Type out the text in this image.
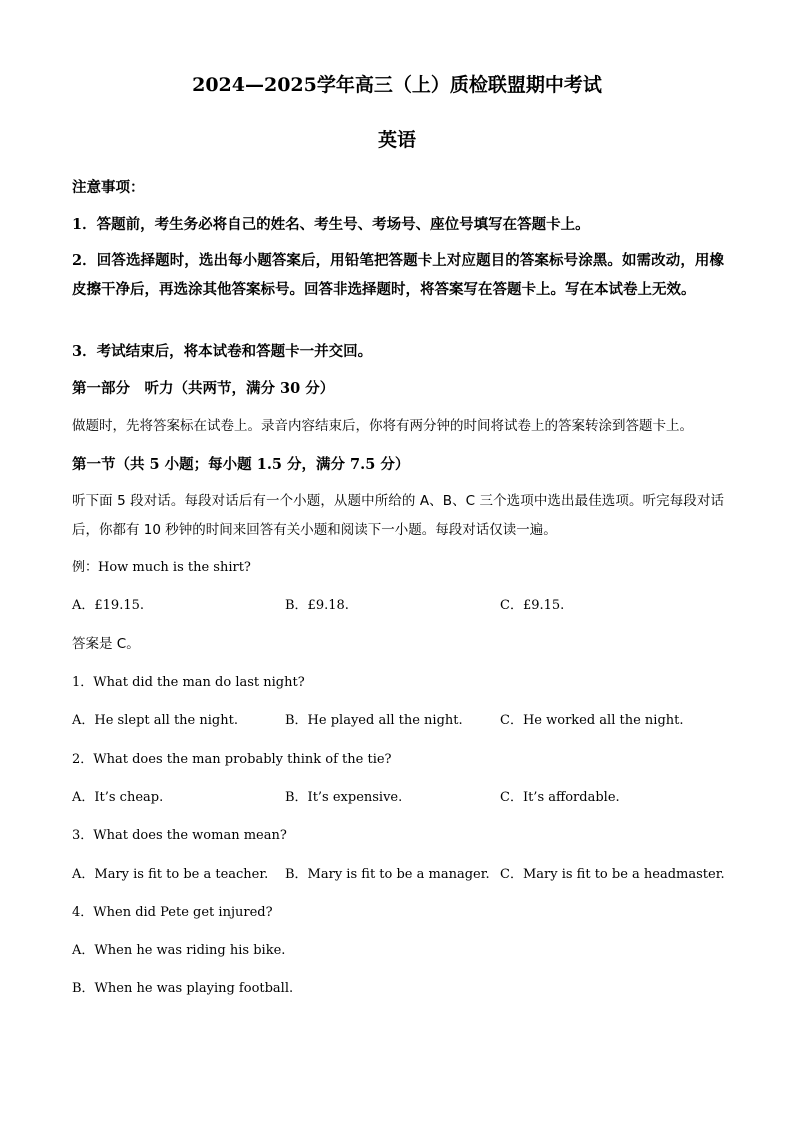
2024—2025学年高三（上）质检联盟期中考试
英语
注意事项：
1．答题前，考生务必将自己的姓名、考生号、考场号、座位号填写在答题卡上。
2．回答选择题时，选出每小题答案后，用铅笔把答题卡上对应题目的答案标号涂黑。如需改动，用橡皮擦干净后，再选涂其他答案标号。回答非选择题时，将答案写在答题卡上。写在本试卷上无效。
3．考试结束后，将本试卷和答题卡一并交回。
第一部分　听力（共两节，满分 30 分）
做题时，先将答案标在试卷上。录音内容结束后，你将有两分钟的时间将试卷上的答案转涂到答题卡上。
第一节（共 5 小题；每小题 1.5 分，满分 7.5 分）
听下面 5 段对话。每段对话后有一个小题，从题中所给的 A、B、C 三个选项中选出最佳选项。听完每段对话后，你都有 10 秒钟的时间来回答有关小题和阅读下一小题。每段对话仅读一遍。
例：How much is the shirt?
A．£19.15.	B．£9.18.	C．£9.15.
答案是 C。
1．What did the man do last night?
A．He slept all the night.	B．He played all the night.	C．He worked all the night.
2．What does the man probably think of the tie?
A．It’s cheap.	B．It’s expensive.	C．It’s affordable.
3．What does the woman mean?
A．Mary is fit to be a teacher. B．Mary is fit to be a manager. C．Mary is fit to be a headmaster.
4．When did Pete get injured?
A．When he was riding his bike.
B．When he was playing football.
